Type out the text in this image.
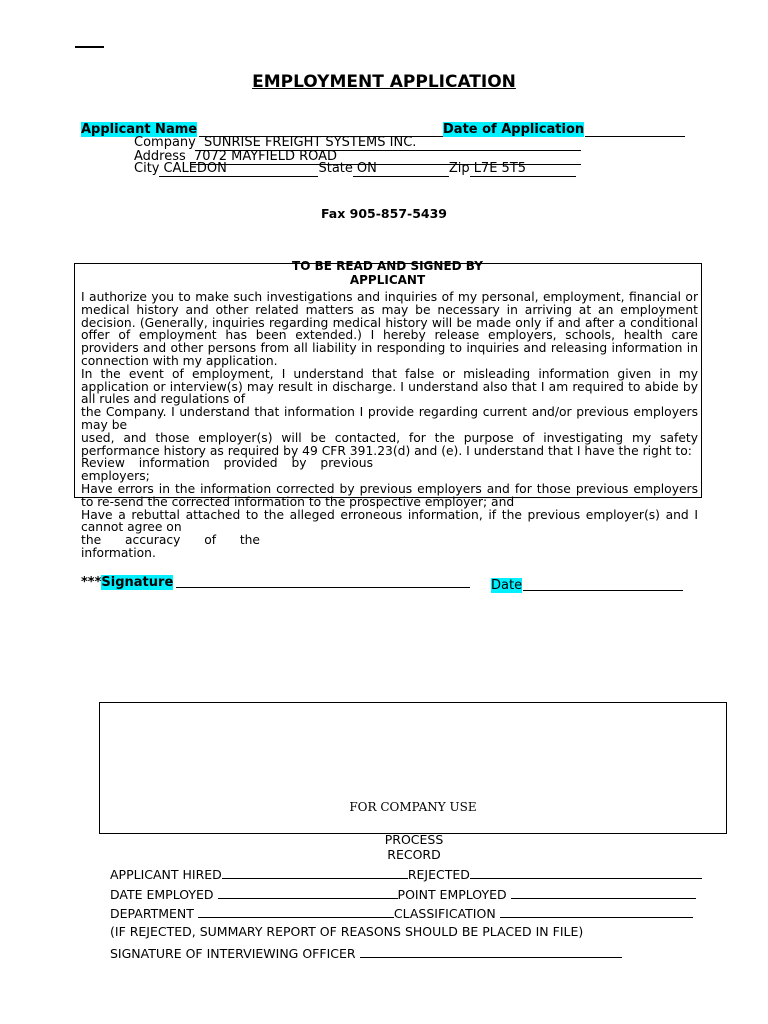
EMPLOYMENT APPLICATION
Applicant Name	Date of Application
Company SUNRISE FREIGHT SYSTEMS INC.
Address 7072 MAYFIELD ROAD
City CALEDON	State ON	Zip L7E 5T5
Fax 905-857-5439
TO BE READ AND SIGNED BY
APPLICANT

I authorize you to make such investigations and inquiries of my personal, employment, financial or medical history and other related matters as may be necessary in arriving at an employment decision. (Generally, inquiries regarding medical history will be made only if and after a conditional offer of employment has been extended.) I hereby release employers, schools, health care providers and other persons from all liability in responding to inquiries and releasing information in connection with my application.

In the event of employment, I understand that false or misleading information given in my application or interview(s) may result in discharge. I understand also that I am required to abide by all rules and regulations of

the Company. I understand that information I provide regarding current and/or previous employers may be

used, and those employer(s) will be contacted, for the purpose of investigating my safety performance history as required by 49 CFR 391.23(d) and (e). I understand that I have the right to:

Review information provided by previous employers;

Have errors in the information corrected by previous employers and for those previous employers to re-send the corrected information to the prospective employer; and

Have a rebuttal attached to the alleged erroneous information, if the previous employer(s) and I cannot agree on

the accuracy of the information.

***Signature	Date
FOR COMPANY USE
PROCESS
RECORD
APPLICANT HIRED	REJECTED
DATE EMPLOYED	POINT EMPLOYED
DEPARTMENT	CLASSIFICATION
(IF REJECTED, SUMMARY REPORT OF REASONS SHOULD BE PLACED IN FILE)
SIGNATURE OF INTERVIEWING OFFICER
